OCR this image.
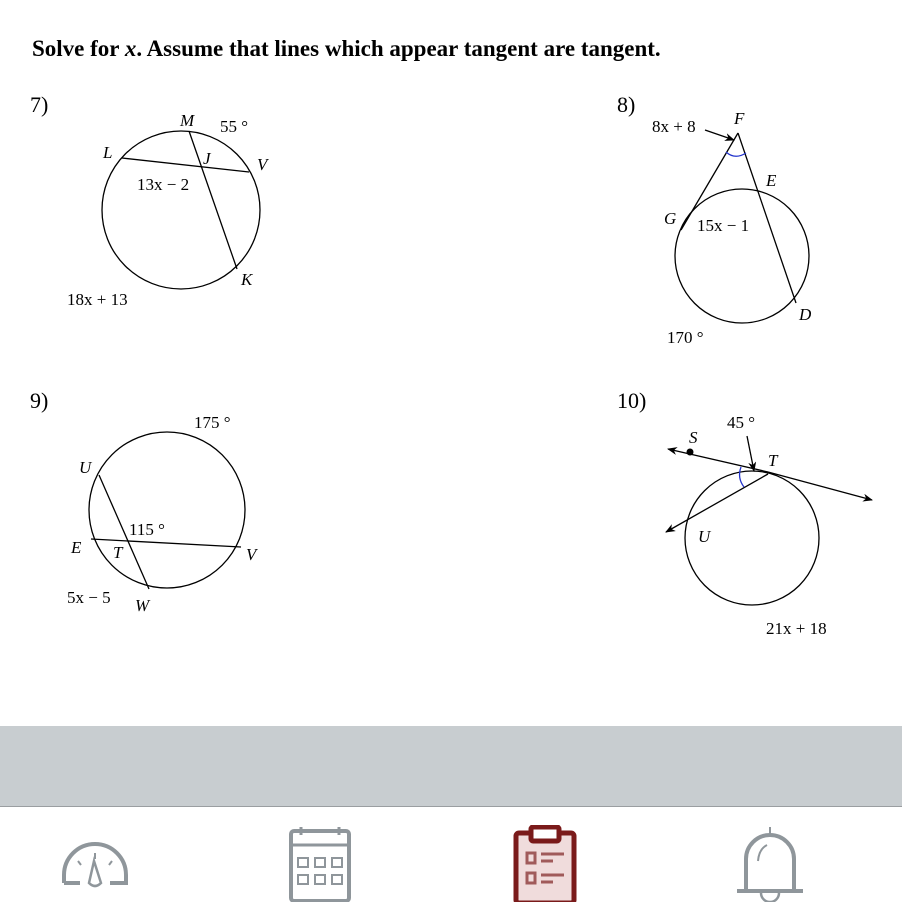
Solve for x. Assume that lines which appear tangent are tangent.
7)	8)
9)	10)
M 55 °
L	J	V
13x − 2
K
18x + 13
8x + 8 F
E
G 15x − 1
D
170 °
175 °
U
115 °
E T	V
5x − 5 W
45 °
S
T
U
21x + 18
